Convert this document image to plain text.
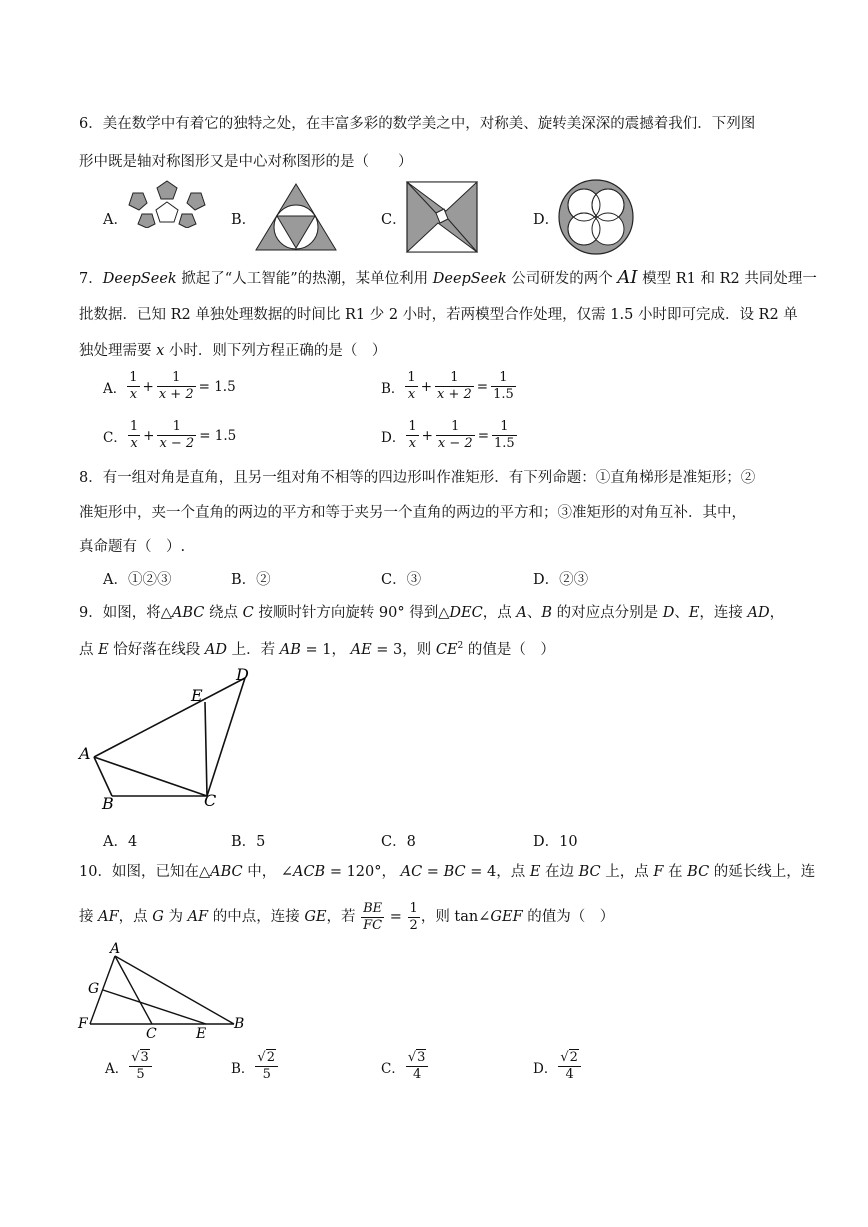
6．美在数学中有着它的独特之处，在丰富多彩的数学美之中，对称美、旋转美深深的震撼着我们．下列图
形中既是轴对称图形又是中心对称图形的是（　　）
A．	B．	C．	D．
7．DeepSeek 掀起了“人工智能”的热潮，某单位利用 DeepSeek 公司研发的两个 AI 模型 R1 和 R2 共同处理一
批数据．已知 R2 单独处理数据的时间比 R1 少 2 小时，若两模型合作处理，仅需 1.5 小时即可完成．设 R2 单
独处理需要 x 小时．则下列方程正确的是（　）
A． $\frac{1}{x} + \frac{1}{x + 2} = 1.5$	B． $\frac{1}{x} + \frac{1}{x + 2} = \frac{1}{1.5}$
C． $\frac{1}{x} + \frac{1}{x - 2} = 1.5$	D． $\frac{1}{x} + \frac{1}{x - 2} = \frac{1}{1.5}$
8．有一组对角是直角，且另一组对角不相等的四边形叫作准矩形．有下列命题：①直角梯形是准矩形；②
准矩形中，夹一个直角的两边的平方和等于夹另一个直角的两边的平方和；③准矩形的对角互补．其中，
真命题有（　）.
A．①②③	B．②	C．③	D．②③
9．如图，将△ABC 绕点 C 按顺时针方向旋转 90° 得到△DEC，点 A、B 的对应点分别是 D、E，连接 AD，
点 E 恰好落在线段 AD 上．若 AB = 1， AE = 3，则 $CE^2$ 的值是（　）
A
B	C
D
E
A．4	B．5	C．8	D．10
10．如图，已知在△ABC 中， ∠ACB = 120°， AC = BC = 4，点 E 在边 BC 上，点 F 在 BC 的延长线上，连
接 AF，点 G 为 AF 的中点，连接 GE，若 $\frac{BE}{FC} = \frac{1}{2}$ ，则 tan∠GEF 的值为（　）
A
G
F
C	E
B
A． $\frac{√3}{5}$	B． $\frac{√2}{5}$	C． $\frac{√3}{4}$	D． $\frac{√2}{4}$
